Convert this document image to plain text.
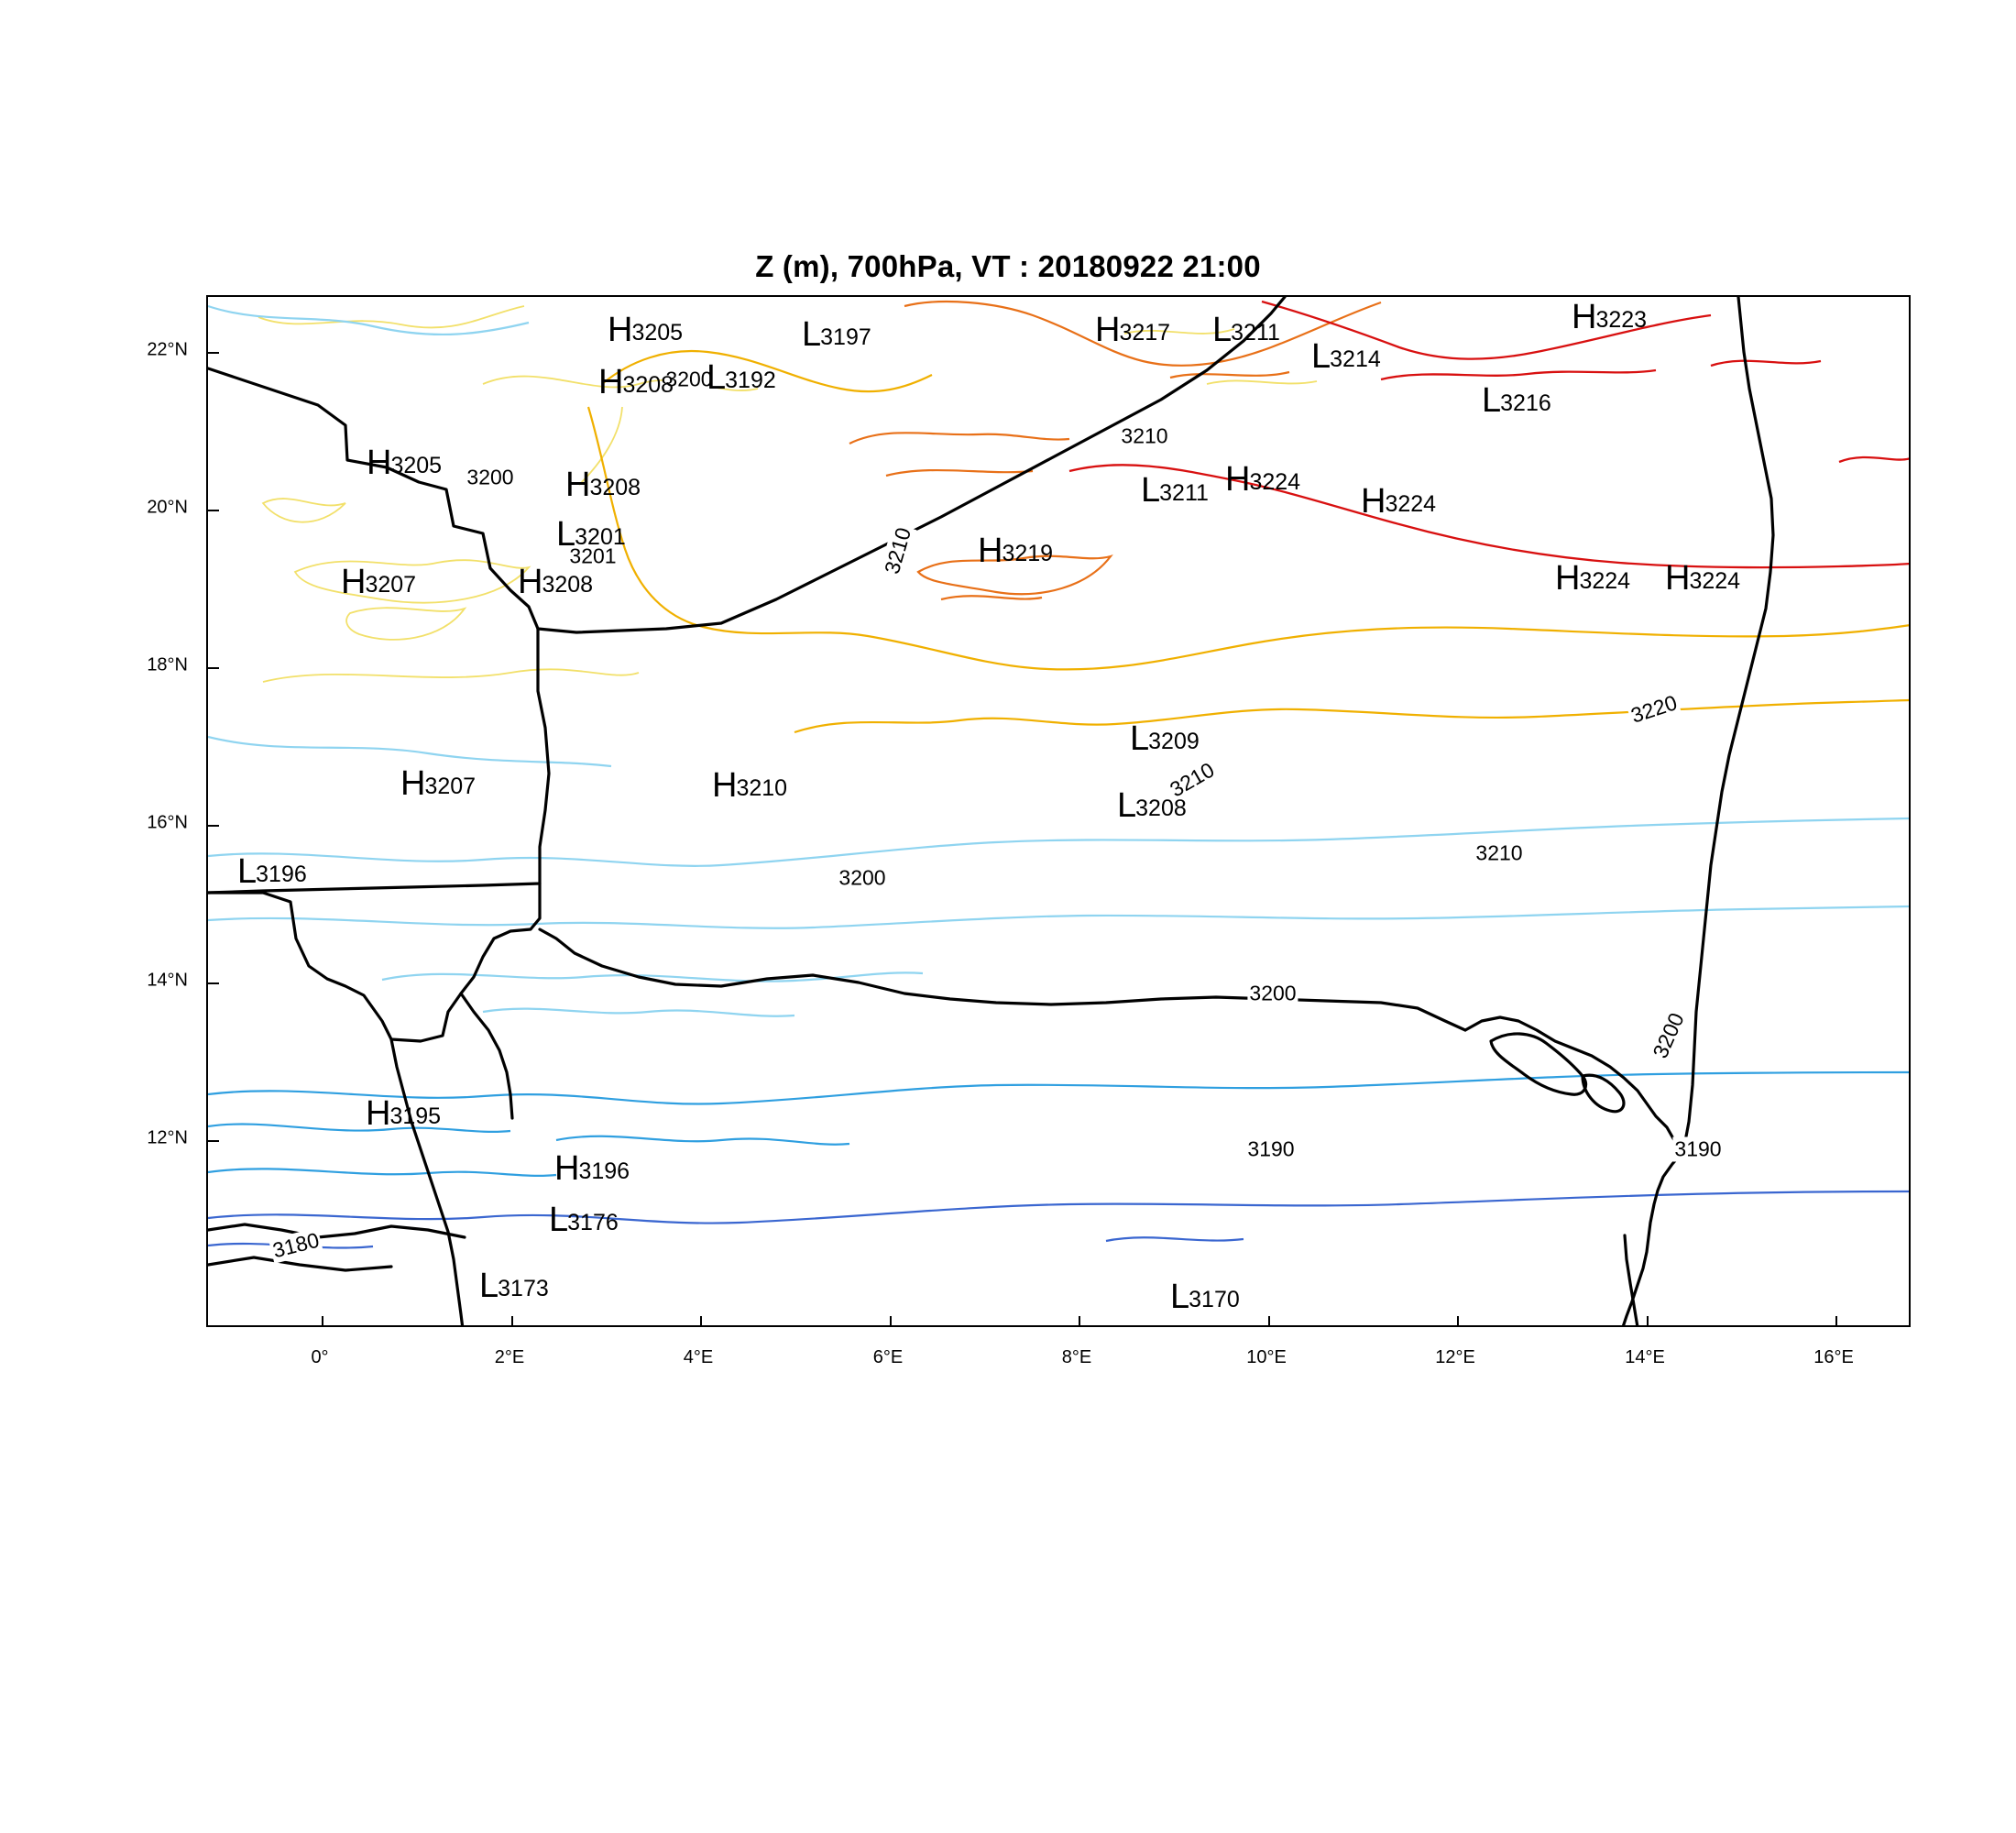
Z (m), 700hPa, VT : 20180922 21:00
3200
3200
3201
3210
3210
3220
3210
3210
3200
3200
3200
3190	3190
3180
H3205	L3197	H3217 L3211	H3223
H3208 L3192
L3214
L3216
H3205	H3208	L3211 H3224 H3224
L3201	H3219
H3207	H3208	H3224 H3224
L3209
H3207	H3210	L3208
L3196
H3195
H3196
L3176
L3173	L3170
12°N
14°N
16°N
18°N
20°N
22°N
0°	2°E	4°E	6°E	8°E	10°E	12°E	14°E	16°E
